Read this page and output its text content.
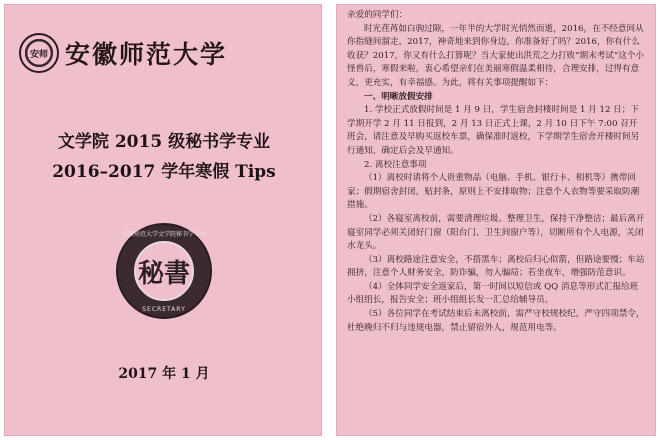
安师 安徽师范大学
文学院 2015 级秘书学专业
2016–2017 学年寒假 Tips
安徽师范大学文学院秘书学专业
秘書
SECRETARY
2017 年 1 月

亲爱的同学们：

时光荏苒如白驹过隙，一年半的大学时光悄然而逝，2016，在不经意间从你指缝间溜走，2017，神奇地来到你身边，你准备好了吗？2016，你有什么收获？2017，你又有什么打算呢？当大家使出洪荒之力打败“期末考试”这个小怪兽后，寒假来啦，衷心希望亲们在美丽寒假温柔相待，合理安排，过得有意义，更充实，有幸福感。为此，将有关事项提醒如下：

一、明晰放假安排

1. 学校正式放假时间是 1 月 9 日，学生宿舍封楼时间是 1 月 12 日；下学期开学 2 月 11 日报到，2 月 13 日正式上课，2 月 10 日下午 7:00 召开班会，请注意及早购买返校车票，确保准时返校，下学期学生宿舍开楼时间另行通知，确定后会及早通知。

2. 离校注意事项

（1）离校时请将个人贵重物品（电脑、手机、银行卡、相机等）携带回家；假期宿舍封闭，贴封条，原则上不安排取物；注意个人衣物等要采取防潮措施。

（2）各寝室离校前，需要清理垃圾、整理卫生，保持干净整洁；最后离开寝室同学必须关闭好门窗（阳台门、卫生间窗户等），切断所有个人电源，关闭水龙头。

（3）离校路途注意安全，不搭黑车；离校后归心似箭，但路途要慢；车站拥挤，注意个人财务安全，防诈骗，勿入骗局；若坐夜车，增强防范意识。

（4）全体同学安全返家后，第一时间以短信或 QQ 消息等形式汇报给班小组组长，报告安全；班小组组长发一汇总给辅导员。

（5）各位同学在考试结束后未离校前，需严守校规校纪，严守四项禁令，杜绝晚归不归与违规电器，禁止留宿外人，规范用电等。
